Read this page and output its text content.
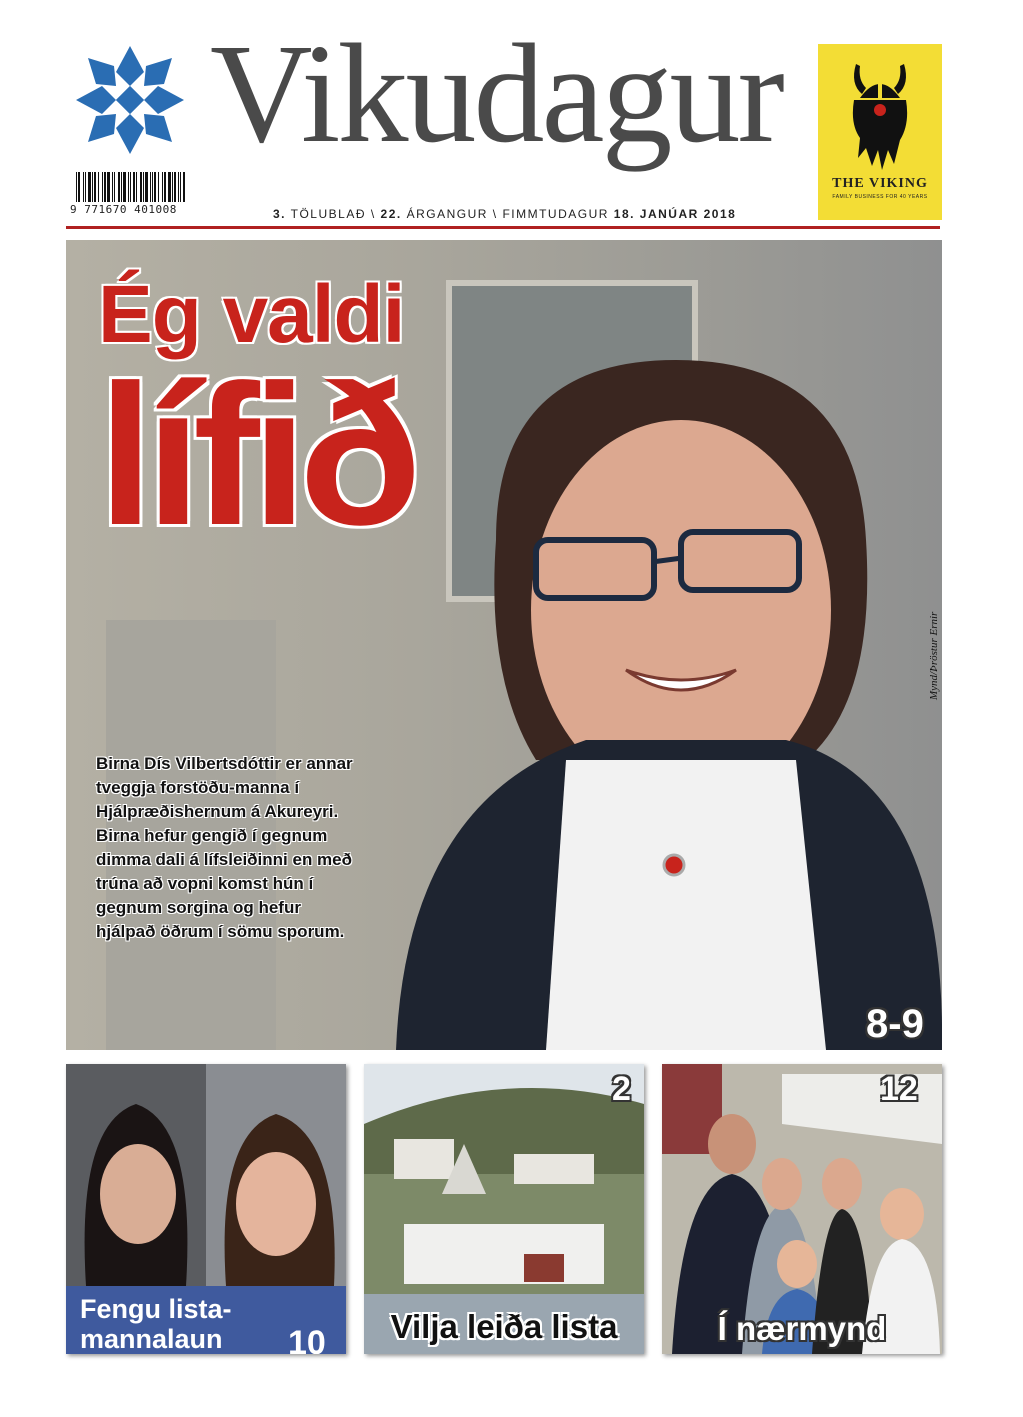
Vikudagur
9 771670 401008	3. TÖLUBLAÐ \ 22. ÁRGANGUR \ FIMMTUDAGUR 18. JANÚAR 2018
THE VIKING
FAMILY BUSINESS FOR 40 YEARS
Ég valdi
lífið
Birna Dís Vilbertsdóttir er annar tveggja forstöðu-manna í Hjálpræðishernum á Akureyri. Birna hefur gengið í gegnum dimma dali á lífsleiðinni en með trúna að vopni komst hún í gegnum sorgina og hefur hjálpað öðrum í sömu sporum.
Mynd/Þröstur Ernir
8-9
Fengu lista-mannalaun	10
2
Vilja leiða lista
12
Í nærmynd
